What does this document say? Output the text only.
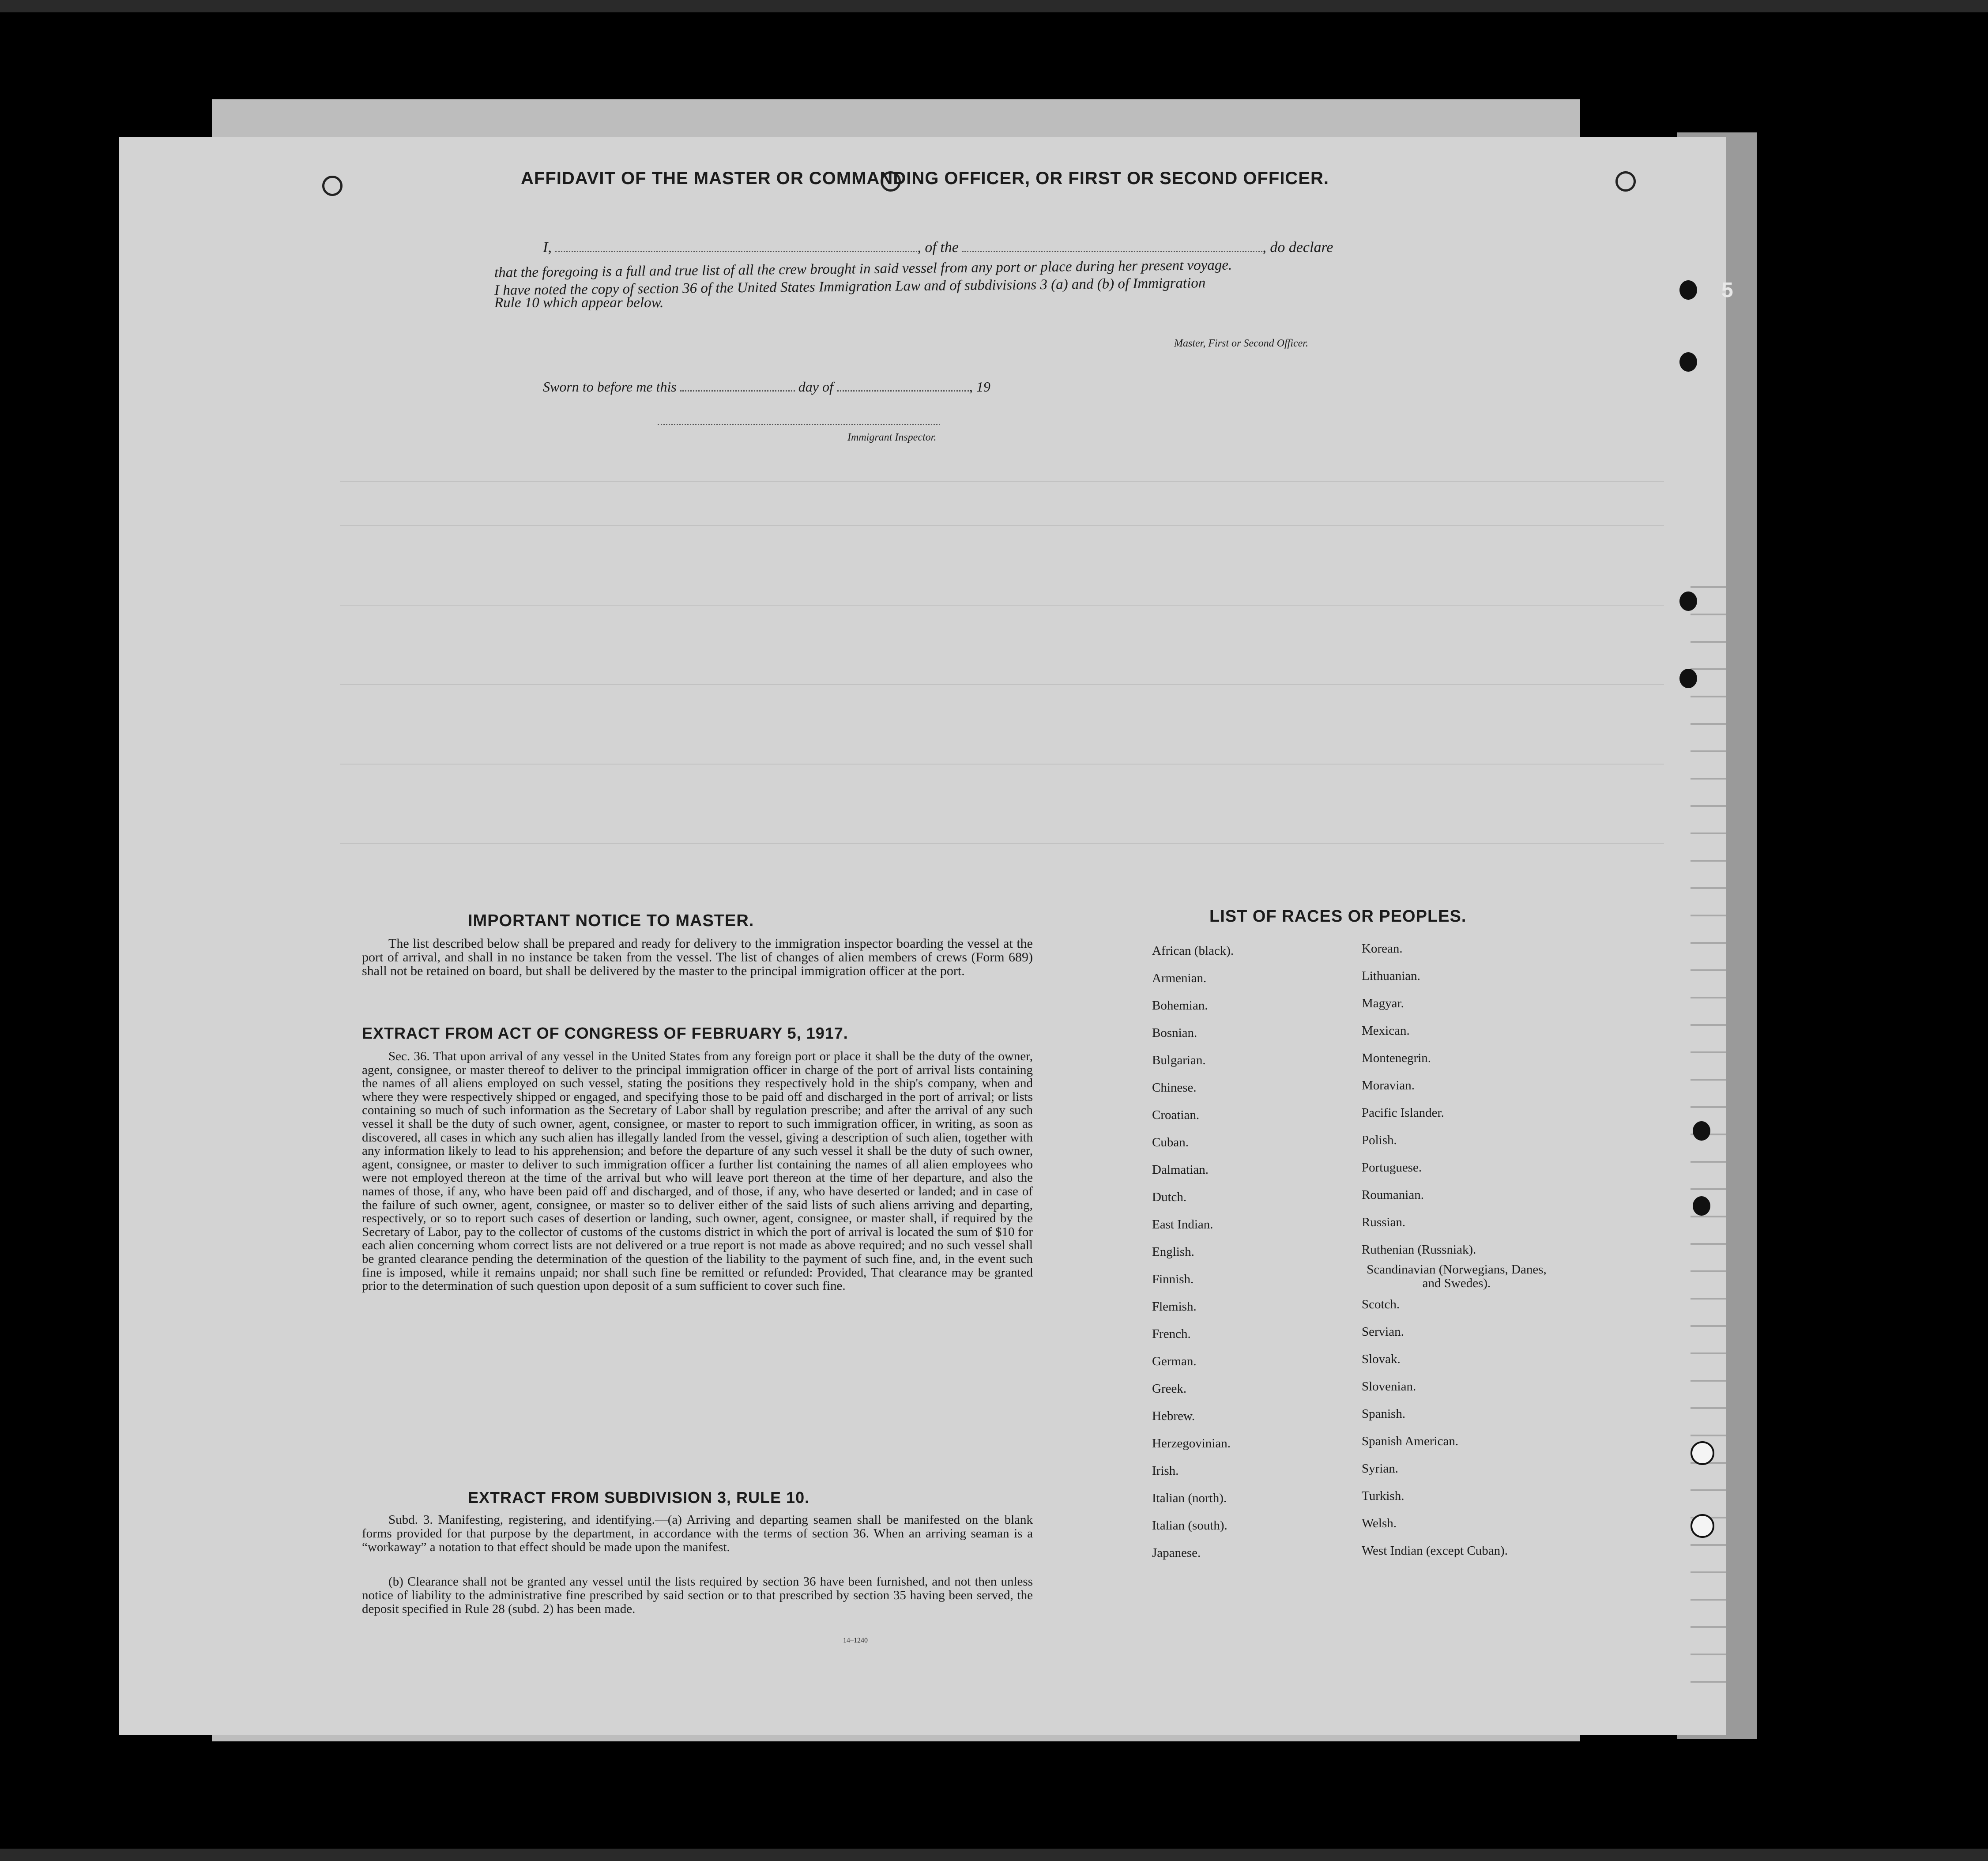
AFFIDAVIT OF THE MASTER OR COMMANDING OFFICER, OR FIRST OR SECOND OFFICER.
I,	, of the	, do declare
that the foregoing is a full and true list of all the crew brought in said vessel from any port or place during her present voyage.
I have noted the copy of section 36 of the United States Immigration Law and of subdivisions 3 (a) and (b) of Immigration
Rule 10 which appear below.
Master, First or Second Officer.
Sworn to before me this	day of	, 19
Immigrant Inspector.
IMPORTANT NOTICE TO MASTER.
The list described below shall be prepared and ready for delivery to the immigration inspector boarding the vessel at the port of arrival, and shall in no instance be taken from the vessel. The list of changes of alien members of crews (Form 689) shall not be retained on board, but shall be delivered by the master to the principal immigration officer at the port.
EXTRACT FROM ACT OF CONGRESS OF FEBRUARY 5, 1917.
Sec. 36. That upon arrival of any vessel in the United States from any foreign port or place it shall be the duty of the owner, agent, consignee, or master thereof to deliver to the principal immigration officer in charge of the port of arrival lists containing the names of all aliens employed on such vessel, stating the positions they respectively hold in the ship's company, when and where they were respectively shipped or engaged, and specifying those to be paid off and discharged in the port of arrival; or lists containing so much of such information as the Secretary of Labor shall by regulation prescribe; and after the arrival of any such vessel it shall be the duty of such owner, agent, consignee, or master to report to such immigration officer, in writing, as soon as discovered, all cases in which any such alien has illegally landed from the vessel, giving a description of such alien, together with any information likely to lead to his apprehension; and before the departure of any such vessel it shall be the duty of such owner, agent, consignee, or master to deliver to such immigration officer a further list containing the names of all alien employees who were not employed thereon at the time of the arrival but who will leave port thereon at the time of her departure, and also the names of those, if any, who have been paid off and discharged, and of those, if any, who have deserted or landed; and in case of the failure of such owner, agent, consignee, or master so to deliver either of the said lists of such aliens arriving and departing, respectively, or so to report such cases of desertion or landing, such owner, agent, consignee, or master shall, if required by the Secretary of Labor, pay to the collector of customs of the customs district in which the port of arrival is located the sum of $10 for each alien concerning whom correct lists are not delivered or a true report is not made as above required; and no such vessel shall be granted clearance pending the determination of the question of the liability to the payment of such fine, and, in the event such fine is imposed, while it remains unpaid; nor shall such fine be remitted or refunded: Provided, That clearance may be granted prior to the determination of such question upon deposit of a sum sufficient to cover such fine.
EXTRACT FROM SUBDIVISION 3, RULE 10.
Subd. 3. Manifesting, registering, and identifying.—(a) Arriving and departing seamen shall be manifested on the blank forms provided for that purpose by the department, in accordance with the terms of section 36. When an arriving seaman is a “workaway” a notation to that effect should be made upon the manifest.
(b) Clearance shall not be granted any vessel until the lists required by section 36 have been furnished, and not then unless notice of liability to the administrative fine prescribed by said section or to that prescribed by section 35 having been served, the deposit specified in Rule 28 (subd. 2) has been made.
14–1240
LIST OF RACES OR PEOPLES.
African (black).
Armenian.
Bohemian.
Bosnian.
Bulgarian.
Chinese.
Croatian.
Cuban.
Dalmatian.
Dutch.
East Indian.
English.
Finnish.
Flemish.
French.
German.
Greek.
Hebrew.
Herzegovinian.
Irish.
Italian (north).
Italian (south).
Japanese.
Korean.
Lithuanian.
Magyar.
Mexican.
Montenegrin.
Moravian.
Pacific Islander.
Polish.
Portuguese.
Roumanian.
Russian.
Ruthenian (Russniak).
Scandinavian (Norwegians, Danes, and Swedes).
Scotch.
Servian.
Slovak.
Slovenian.
Spanish.
Spanish American.
Syrian.
Turkish.
Welsh.
West Indian (except Cuban).
5
